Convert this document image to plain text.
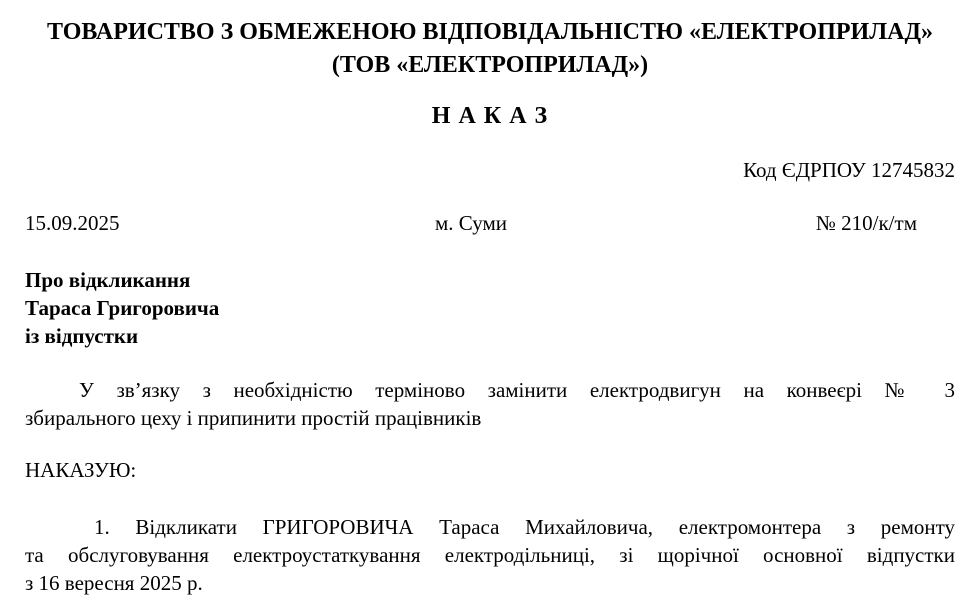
ТОВАРИСТВО З ОБМЕЖЕНОЮ ВІДПОВІДАЛЬНІСТЮ «ЕЛЕКТРОПРИЛАД»
(ТОВ «ЕЛЕКТРОПРИЛАД»)
Н А К А З
Код ЄДРПОУ 12745832
15.09.2025	м. Суми	№ 210/к/тм
Про відкликання
Тараса Григоровича
із відпустки
У зв’язку з необхідністю терміново замінити електродвигун на конвеєрі № 3
збирального цеху і припинити простій працівників
НАКАЗУЮ:
1. Відкликати ГРИГОРОВИЧА Тараса Михайловича, електромонтера з ремонту
та обслуговування електроустаткування електродільниці, зі щорічної основної відпустки
з 16 вересня 2025 р.
